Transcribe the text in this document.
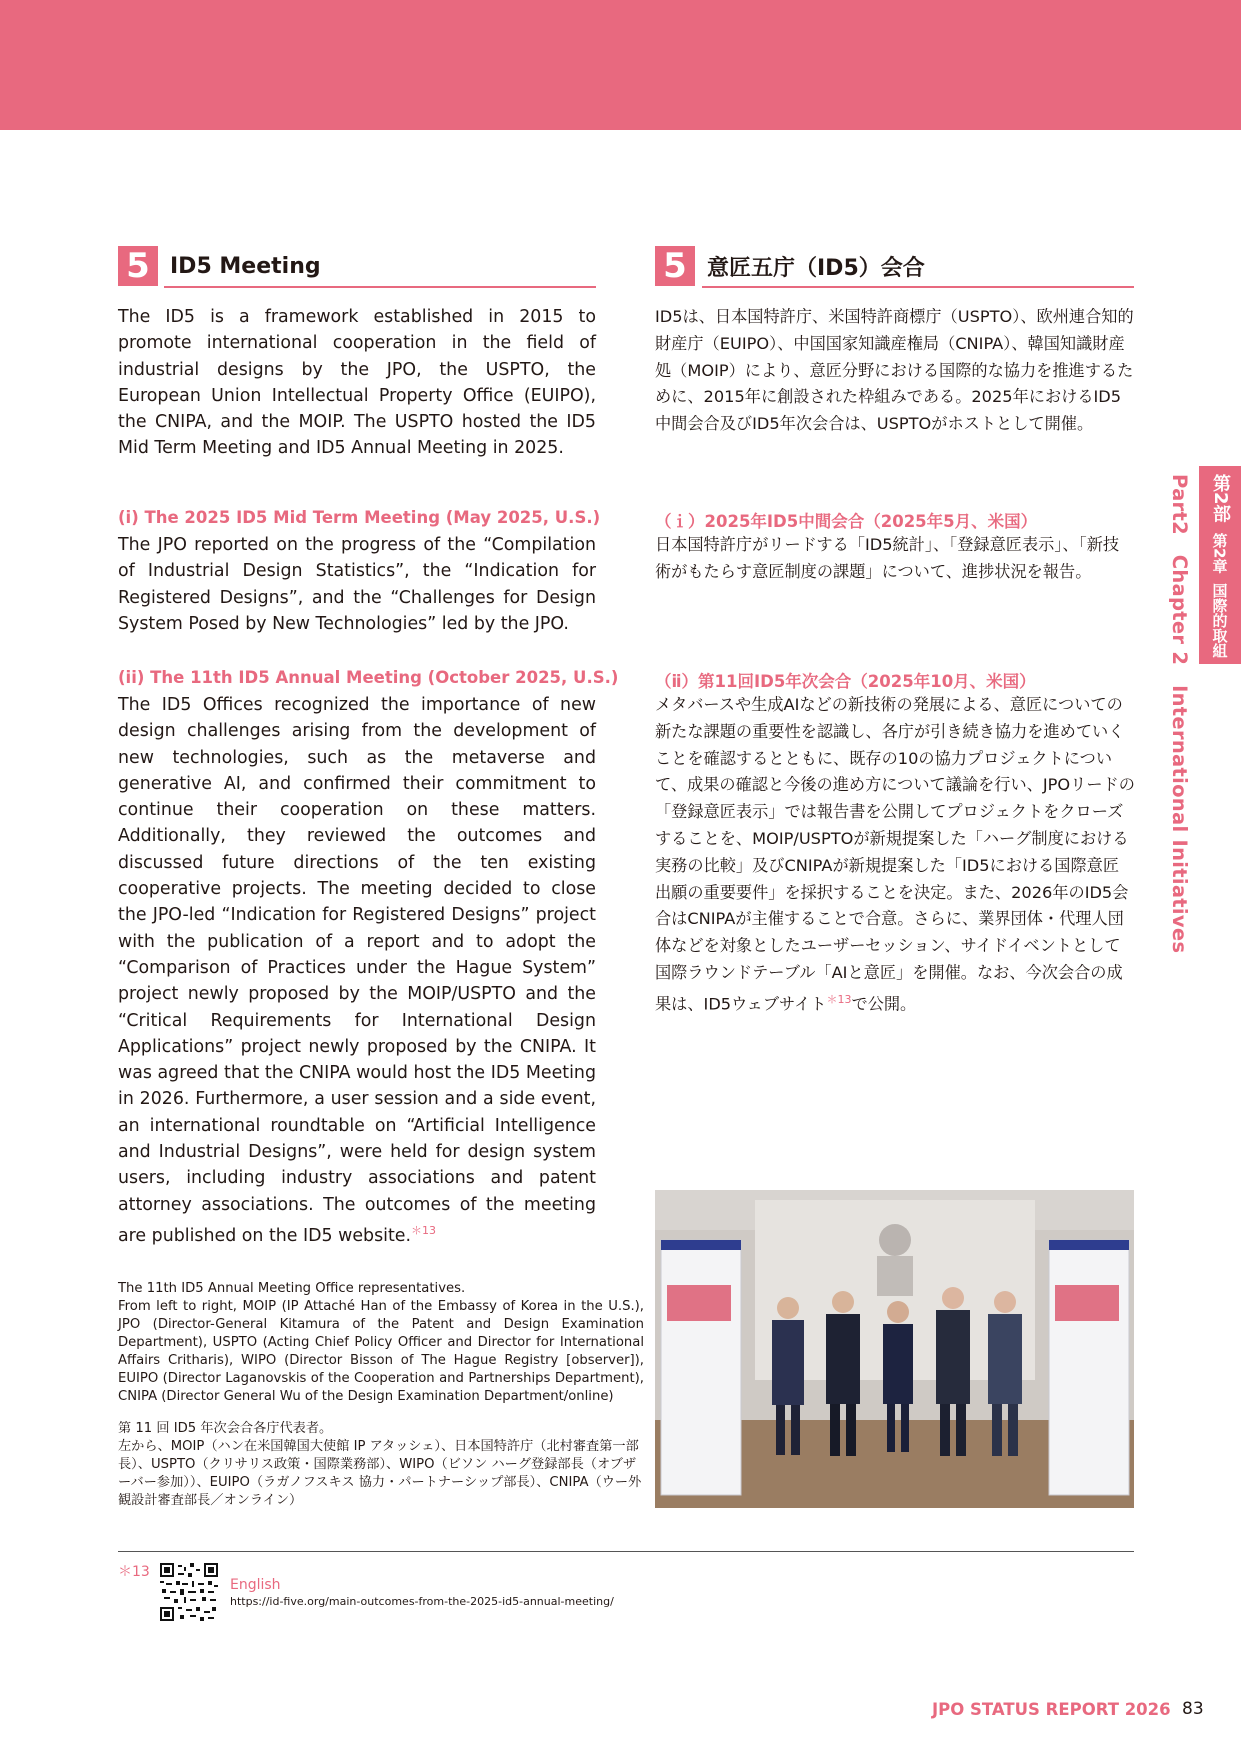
5 ID5 Meeting

The ID5 is a framework established in 2015 to promote international cooperation in the field of industrial designs by the JPO, the USPTO, the European Union Intellectual Property Office (EUIPO), the CNIPA, and the MOIP. The USPTO hosted the ID5 Mid Term Meeting and ID5 Annual Meeting in 2025.

(i) The 2025 ID5 Mid Term Meeting (May 2025, U.S.)

The JPO reported on the progress of the “Compilation of Industrial Design Statistics”, the “Indication for Registered Designs”, and the “Challenges for Design System Posed by New Technologies” led by the JPO.

(ii) The 11th ID5 Annual Meeting (October 2025, U.S.)

The ID5 Offices recognized the importance of new design challenges arising from the development of new technologies, such as the metaverse and generative AI, and confirmed their commitment to continue their cooperation on these matters. Additionally, they reviewed the outcomes and discussed future directions of the ten existing cooperative projects. The meeting decided to close the JPO-led “Indication for Registered Designs” project with the publication of a report and to adopt the “Comparison of Practices under the Hague System” project newly proposed by the MOIP/USPTO and the “Critical Requirements for International Design Applications” project newly proposed by the CNIPA. It was agreed that the CNIPA would host the ID5 Meeting in 2026. Furthermore, a user session and a side event, an international roundtable on “Artificial Intelligence and Industrial Designs”, were held for design system users, including industry associations and patent attorney associations. The outcomes of the meeting are published on the ID5 website.$^{*13}$

5 意匠五庁（ID5）会合

ID5は、日本国特許庁、米国特許商標庁（USPTO）、欧州連合知的財産庁（EUIPO）、中国国家知識産権局（CNIPA）、韓国知識財産処（MOIP）により、意匠分野における国際的な協力を推進するために、2015年に創設された枠組みである。2025年におけるID5中間会合及びID5年次会合は、USPTOがホストとして開催。

（ｉ）2025年ID5中間会合（2025年5月、米国）

日本国特許庁がリードする「ID5統計」、「登録意匠表示」、「新技術がもたらす意匠制度の課題」について、進捗状況を報告。

（ⅱ）第11回ID5年次会合（2025年10月、米国）

メタバースや生成AIなどの新技術の発展による、意匠についての新たな課題の重要性を認識し、各庁が引き続き協力を進めていくことを確認するとともに、既存の10の協力プロジェクトについて、成果の確認と今後の進め方について議論を行い、JPOリードの「登録意匠表示」では報告書を公開してプロジェクトをクローズすることを、MOIP/USPTOが新規提案した「ハーグ制度における実務の比較」及びCNIPAが新規提案した「ID5における国際意匠出願の重要要件」を採択することを決定。また、2026年のID5会合はCNIPAが主催することで合意。さらに、業界団体・代理人団体などを対象としたユーザーセッション、サイドイベントとして国際ラウンドテーブル「AIと意匠」を開催。なお、今次会合の成果は、ID5ウェブサイト$^{*13}$で公開。

第2部
第2章
国際的取組
Part2　Chapter 2　International Initiatives

The 11th ID5 Annual Meeting Office representatives.
From left to right, MOIP (IP Attaché Han of the Embassy of Korea in the U.S.), JPO (Director-General Kitamura of the Patent and Design Examination Department), USPTO (Acting Chief Policy Officer and Director for International Affairs Critharis), WIPO (Director Bisson of The Hague Registry [observer]), EUIPO (Director Laganovskis of the Cooperation and Partnerships Department), CNIPA (Director General Wu of the Design Examination Department/online)

第 11 回 ID5 年次会合各庁代表者。
左から、MOIP（ハン在米国韓国大使館 IP アタッシェ）、日本国特許庁（北村審査第一部長）、USPTO（クリサリス政策・国際業務部）、WIPO（ビソン ハーグ登録部長（オブザーバー参加））、EUIPO（ラガノフスキス 協力・パートナーシップ部長）、CNIPA（ウー外観設計審査部長／オンライン）

＊13
English
https://id-five.org/main-outcomes-from-the-2025-id5-annual-meeting/
JPO STATUS REPORT 2026 83
